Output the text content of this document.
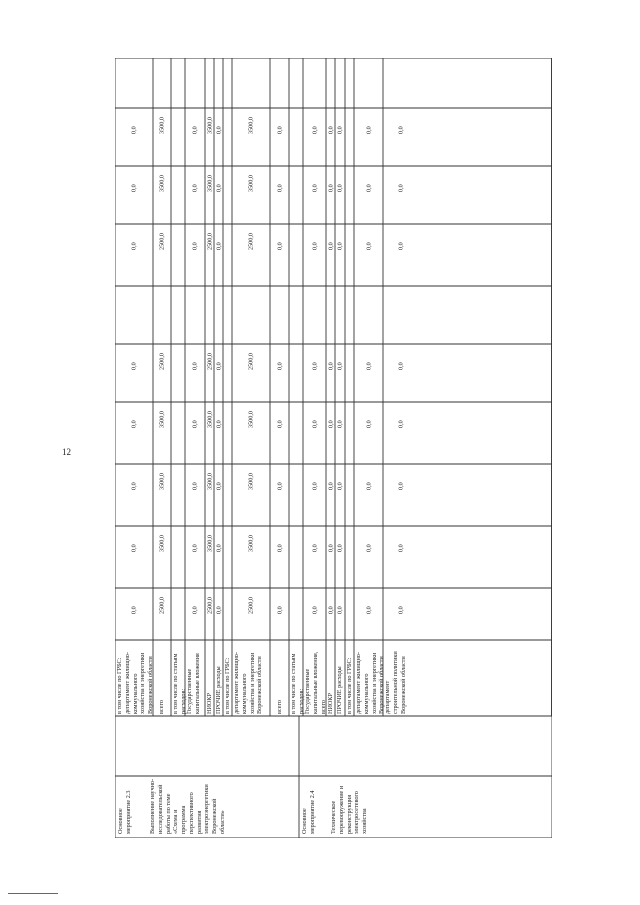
12
Основное мероприятие 2.3	Выполнение научно- исследовательской работы по теме «Схема и программа перспективного развития электроэнергетики Воронежской области»	Основное мероприятие 2.4 Техническое перевооружение и реконструкция электросетевого хозяйства
в том числе по ГРБС: департамент жилищно- коммунального хозяйства и энергетики Воронежской области
0,0
0,0
0,0
0,0
0,0
0,0
0,0
0,0
всего
2500,0
3500,0
3500,0
3500,0
2500,0
2500,0
3500,0
3500,0
в том числе по статьям расходов: Государственные капитальные вложения
0,0
0,0
0,0
0,0
0,0
0,0
0,0
0,0
НИОКР
2500,0
3500,0
3500,0
3500,0
2500,0
2500,0
3500,0
3500,0
ПРОЧИЕ расходы
0,0
0,0
0,0
0,0
0,0
0,0
0,0
0,0
в том числе по ГРБС: департамент жилищно- коммунального хозяйства и энергетики Воронежской области
2500,0
3500,0
3500,0
3500,0
2500,0
2500,0
3500,0
3500,0
всего
0,0
0,0
0,0
0,0
0,0
0,0
0,0
0,0
в том числе по статьям расходов: Государственные капитальные вложения, всего
0,0
0,0
0,0
0,0
0,0
0,0
0,0
0,0
НИОКР
0,0
0,0
0,0
0,0
0,0
0,0
0,0
0,0
ПРОЧИЕ расходы
0,0
0,0
0,0
0,0
0,0
0,0
0,0
0,0
в том числе по ГРБС: департамент жилищно- коммунального хозяйства и энергетики Воронежской области
0,0
0,0
0,0
0,0
0,0
0,0
0,0
0,0
департамент строительной политики Воронежской области
0,0
0,0
0,0
0,0
0,0
0,0
0,0
0,0
